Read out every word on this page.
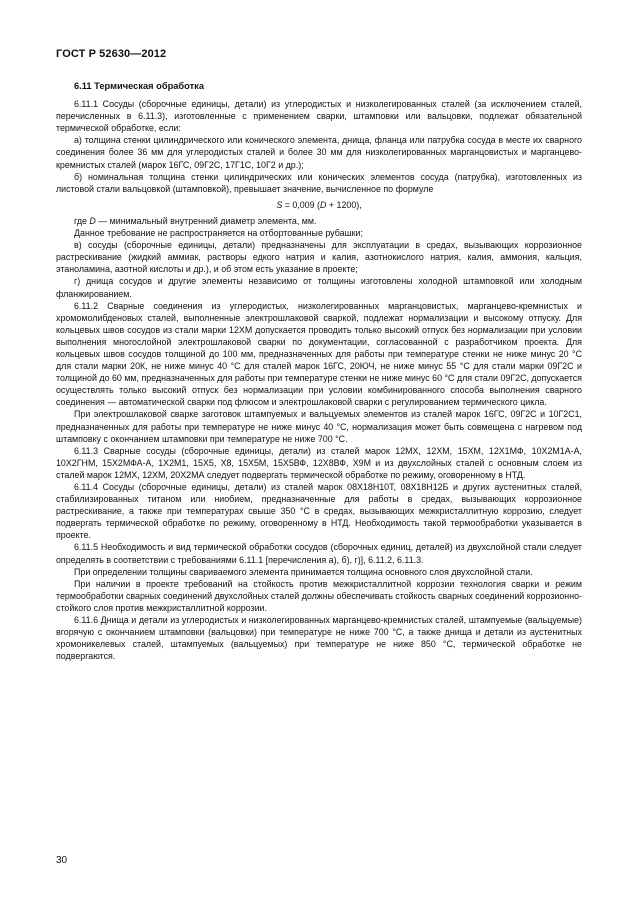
ГОСТ Р 52630—2012
6.11 Термическая обработка

6.11.1 Сосуды (сборочные единицы, детали) из углеродистых и низколегированных сталей (за исключением сталей, перечисленных в 6.11.3), изготовленные с применением сварки, штамповки или вальцовки, подлежат обязательной термической обработке, если:

а) толщина стенки цилиндрического или конического элемента, днища, фланца или патрубка сосуда в месте их сварного соединения более 36 мм для углеродистых сталей и более 30 мм для низколегированных марганцовистых и марганцево-кремнистых сталей (марок 16ГС, 09Г2С, 17Г1С, 10Г2 и др.);

б) номинальная толщина стенки цилиндрических или конических элементов сосуда (патрубка), изготовленных из листовой стали вальцовкой (штамповкой), превышает значение, вычисленное по формуле

S = 0,009 (D + 1200),

где D — минимальный внутренний диаметр элемента, мм.

Данное требование не распространяется на отбортованные рубашки;

в) сосуды (сборочные единицы, детали) предназначены для эксплуатации в средах, вызывающих коррозионное растрескивание (жидкий аммиак, растворы едкого натрия и калия, азотнокислого натрия, калия, аммония, кальция, этаноламина, азотной кислоты и др.), и об этом есть указание в проекте;

г) днища сосудов и другие элементы независимо от толщины изготовлены холодной штамповкой или холодным фланжированием.

6.11.2 Сварные соединения из углеродистых, низколегированных марганцовистых, марганцево-кремнистых и хромомолибденовых сталей, выполненные электрошлаковой сваркой, подлежат нормализации и высокому отпуску. Для кольцевых швов сосудов из стали марки 12ХМ допускается проводить только высокий отпуск без нормализации при условии выполнения многослойной электрошлаковой сварки по документации, согласованной с разработчиком проекта. Для кольцевых швов сосудов толщиной до 100 мм, предназначенных для работы при температуре стенки не ниже минус 20 °С для стали марки 20К, не ниже минус 40 °С для сталей марок 16ГС, 20ЮЧ, не ниже минус 55 °С для стали марки 09Г2С и толщиной до 60 мм, предназначенных для работы при температуре стенки не ниже минус 60 °С для стали 09Г2С, допускается осуществлять только высокий отпуск без нормализации при условии комбинированного способа выполнения сварного соединения — автоматической сварки под флюсом и электрошлаковой сварки с регулированием термического цикла.

При электрошлаковой сварке заготовок штампуемых и вальцуемых элементов из сталей марок 16ГС, 09Г2С и 10Г2С1, предназначенных для работы при температуре не ниже минус 40 °С, нормализация может быть совмещена с нагревом под штамповку с окончанием штамповки при температуре не ниже 700 °С.

6.11.3 Сварные сосуды (сборочные единицы, детали) из сталей марок 12МХ, 12ХМ, 15ХМ, 12Х1МФ, 10Х2М1А-А, 10Х2ГНМ, 15Х2МФА-А, 1Х2М1, 15Х5, Х8, 15Х5М, 15Х5ВФ, 12Х8ВФ, Х9М и из двухслойных сталей с основным слоем из сталей марок 12МХ, 12ХМ, 20Х2МА следует подвергать термической обработке по режиму, оговоренному в НТД.

6.11.4 Сосуды (сборочные единицы, детали) из сталей марок 08Х18Н10Т, 08Х18Н12Б и других аустенитных сталей, стабилизированных титаном или ниобием, предназначенные для работы в средах, вызывающих коррозионное растрескивание, а также при температурах свыше 350 °С в средах, вызывающих межкристаллитную коррозию, следует подвергать термической обработке по режиму, оговоренному в НТД. Необходимость такой термообработки указывается в проекте.

6.11.5 Необходимость и вид термической обработки сосудов (сборочных единиц, деталей) из двухслойной стали следует определять в соответствии с требованиями 6.11.1 [перечисления а), б), г)], 6.11.2, 6.11.3.

При определении толщины свариваемого элемента принимается толщина основного слоя двухслойной стали.

При наличии в проекте требований на стойкость против межкристаллитной коррозии технология сварки и режим термообработки сварных соединений двухслойных сталей должны обеспечивать стойкость сварных соединений коррозионно-стойкого слоя против межкристаллитной коррозии.

6.11.6 Днища и детали из углеродистых и низколегированных марганцево-кремнистых сталей, штампуемые (вальцуемые) вгорячую с окончанием штамповки (вальцовки) при температуре не ниже 700 °С, а также днища и детали из аустенитных хромоникелевых сталей, штампуемых (вальцуемых) при температуре не ниже 850 °С, термической обработке не подвергаются.

30
